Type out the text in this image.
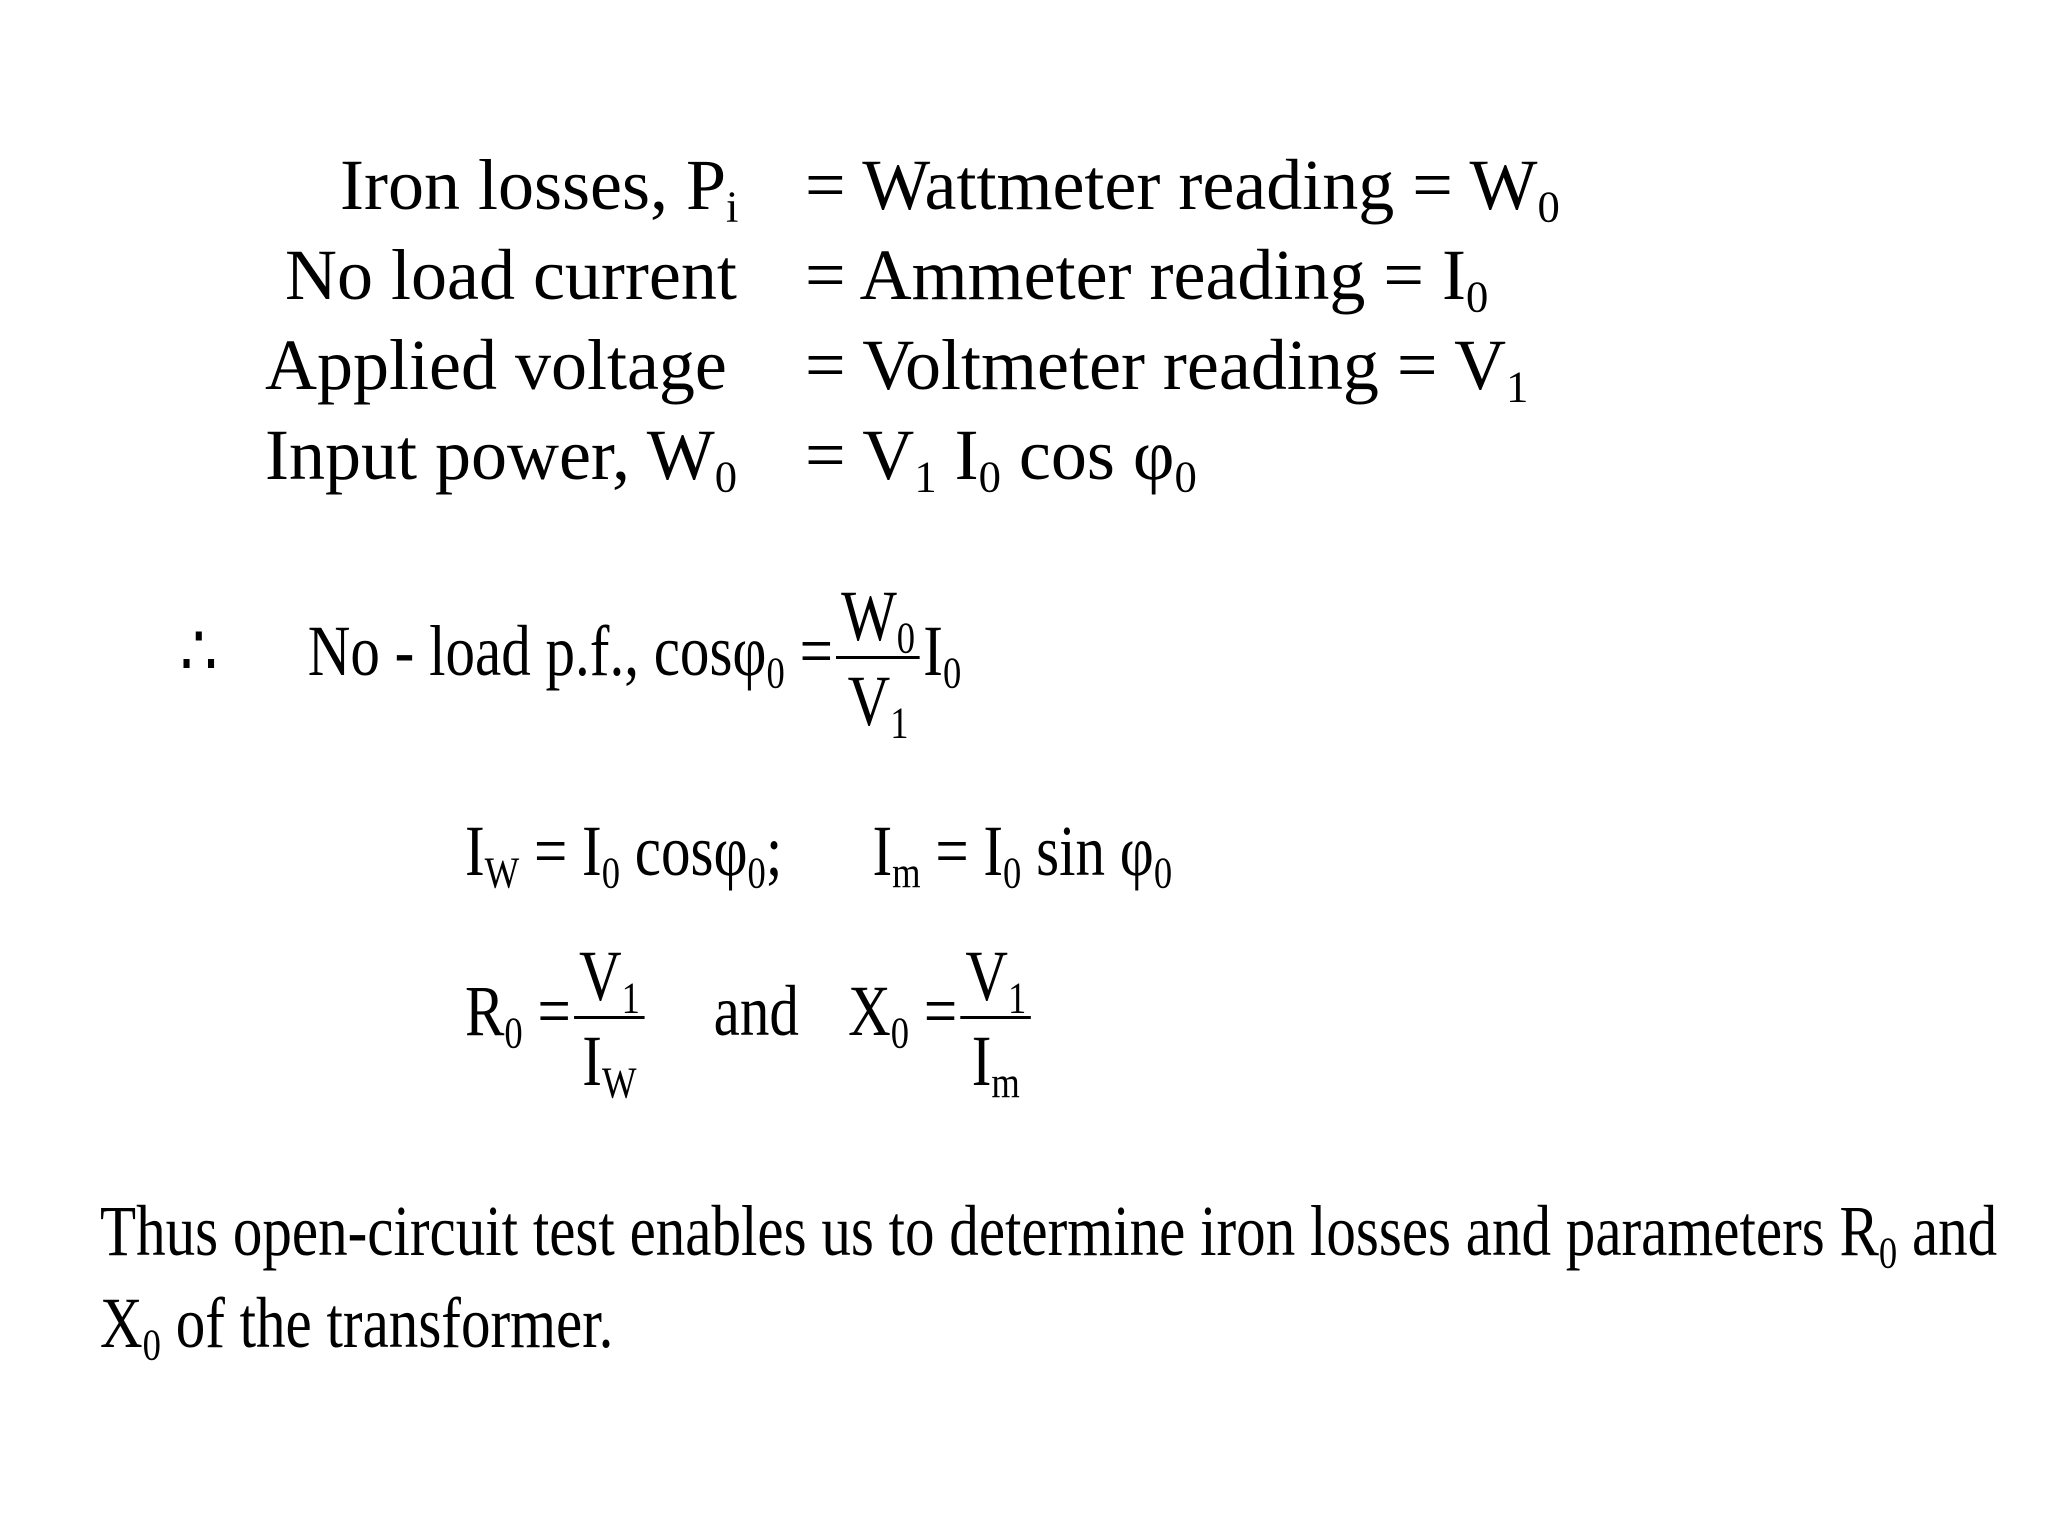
Iron losses, $P_i$ = Wattmeter reading = $W_0$
No load current = Ammeter reading = $I_0$
Applied voltage = Voltmeter reading = $V_1$
Input power, $W_0 = V_1$ $I_0$ $\cos \varphi_0$
∴ No - load p.f., $\cos\varphi_0 = \frac{W_0}{V_1} I_0$
$I_W = I_0$ cosφ$_0$; $I_m = I_0$ $\sin \varphi_0$
$R_0 = \frac{V_1}{I_W}$ and $X_0 = \frac{V_1}{I_m}$
Thus open-circuit test enables us to determine iron losses and parameters $R_0$ and $X_0$ of the transformer.
